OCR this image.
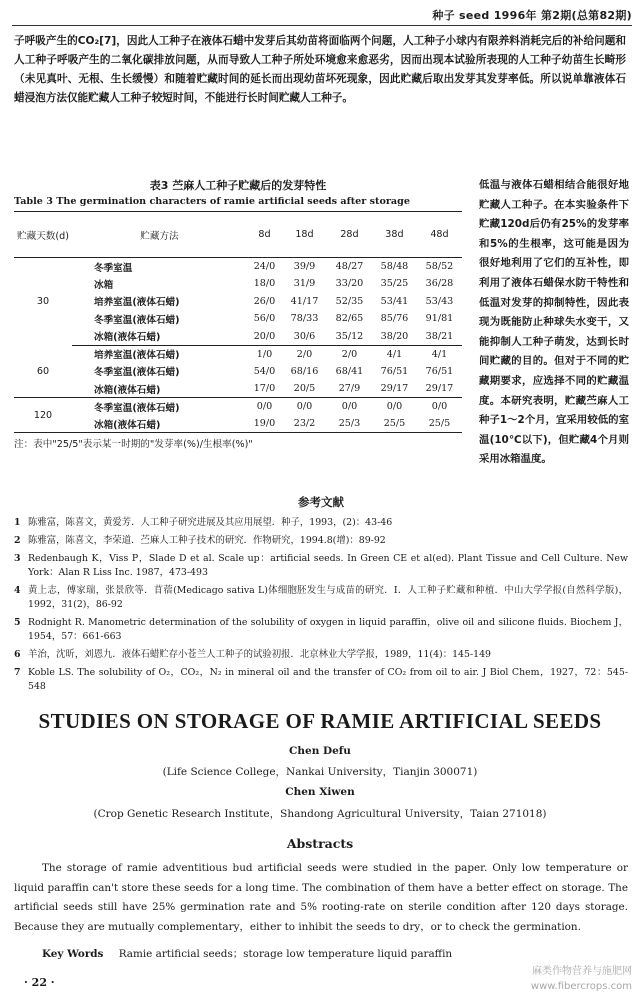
种子 seed 1996年 第2期(总第82期)

子呼吸产生的CO₂[7]，因此人工种子在液体石蜡中发芽后其幼苗将面临两个问题，人工种子小球内有限养料消耗完后的补给问题和人工种子呼吸产生的二氧化碳排放问题，从而导致人工种子所处环境愈来愈恶劣，因而出现本试验所表现的人工种子幼苗生长畸形（未见真叶、无根、生长缓慢）和随着贮藏时间的延长而出现幼苗坏死现象，因此贮藏后取出发芽其发芽率低。所以说单靠液体石蜡浸泡方法仅能贮藏人工种子较短时间，不能进行长时间贮藏人工种子。

表3 苎麻人工种子贮藏后的发芽特性
Table 3 The germination characters of ramie artificial seeds after storage
贮藏天数(d)	贮藏方法	8d	18d	28d	38d	48d
30	冬季室温	24/0	39/9	48/27	58/48	58/52
	冰箱	18/0	31/9	33/20	35/25	36/28
	培养室温(液体石蜡)	26/0	41/17	52/35	53/41	53/43
	冬季室温(液体石蜡)	56/0	78/33	82/65	85/76	91/81
	冰箱(液体石蜡)	20/0	30/6	35/12	38/20	38/21
60	培养室温(液体石蜡)	1/0	2/0	2/0	4/1	4/1
	冬季室温(液体石蜡)	54/0	68/16	68/41	76/51	76/51
	冰箱(液体石蜡)	17/0	20/5	27/9	29/17	29/17
120	冬季室温(液体石蜡)	0/0	0/0	0/0	0/0	0/0
	冰箱(液体石蜡)	19/0	23/2	25/3	25/5	25/5
注：表中"25/5"表示某一时期的"发芽率(%)/生根率(%)"

低温与液体石蜡相结合能很好地贮藏人工种子。在本实验条件下贮藏120d后仍有25%的发芽率和5%的生根率，这可能是因为很好地利用了它们的互补性，即利用了液体石蜡保水防干特性和低温对发芽的抑制特性，因此表现为既能防止种球失水变干，又能抑制人工种子萌发，达到长时间贮藏的目的。但对于不同的贮藏期要求，应选择不同的贮藏温度。本研究表明，贮藏苎麻人工种子1～2个月，宜采用较低的室温(10℃以下)，但贮藏4个月则采用冰箱温度。

参考文献
1 陈雅富，陈喜文，黄爱芳．人工种子研究进展及其应用展望．种子，1993，(2)：43-46
2 陈雅富，陈喜文，李荣道．苎麻人工种子技术的研究．作物研究，1994.8(增)：89-92
3 Redenbaugh K，Viss P，Slade D et al. Scale up：artificial seeds. In Green CE et al(ed). Plant Tissue and Cell Culture. New York：Alan R Liss Inc. 1987，473-493
4 黄上志，傅家瑞，张景欣等．苜蓿(Medicago sativa L)体细胞胚发生与成苗的研究．Ⅰ．人工种子贮藏和种植．中山大学学报(自然科学版)，1992，31(2)，86-92
5 Rodnight R. Manometric determination of the solubility of oxygen in liquid paraffin，olive oil and silicone fluids. Biochem J，1954，57：661-663
6 羊治，沈昕，刘恩九．液体石蜡贮存小苍兰人工种子的试验初报．北京林业大学学报，1989，11(4)：145-149
7 Koble LS. The solubility of O₂，CO₂，N₂ in mineral oil and the transfer of CO₂ from oil to air. J Biol Chem，1927，72：545-548
STUDIES ON STORAGE OF RAMIE ARTIFICIAL SEEDS
Chen Defu
(Life Science College，Nankai University，Tianjin 300071)
Chen Xiwen
(Crop Genetic Research Institute，Shandong Agricultural University，Taian 271018)
Abstracts

The storage of ramie adventitious bud artificial seeds were studied in the paper. Only low temperature or liquid paraffin can't store these seeds for a long time. The combination of them have a better effect on storage. The artificial seeds still have 25% germination rate and 5% rooting-rate on sterile condition after 120 days storage. Because they are mutually complementary，either to inhibit the seeds to dry，or to check the germination.

Key Words Ramie artificial seeds；storage low temperature liquid paraffin
· 22 ·
麻类作物营养与施肥网
www.fibercrops.com
